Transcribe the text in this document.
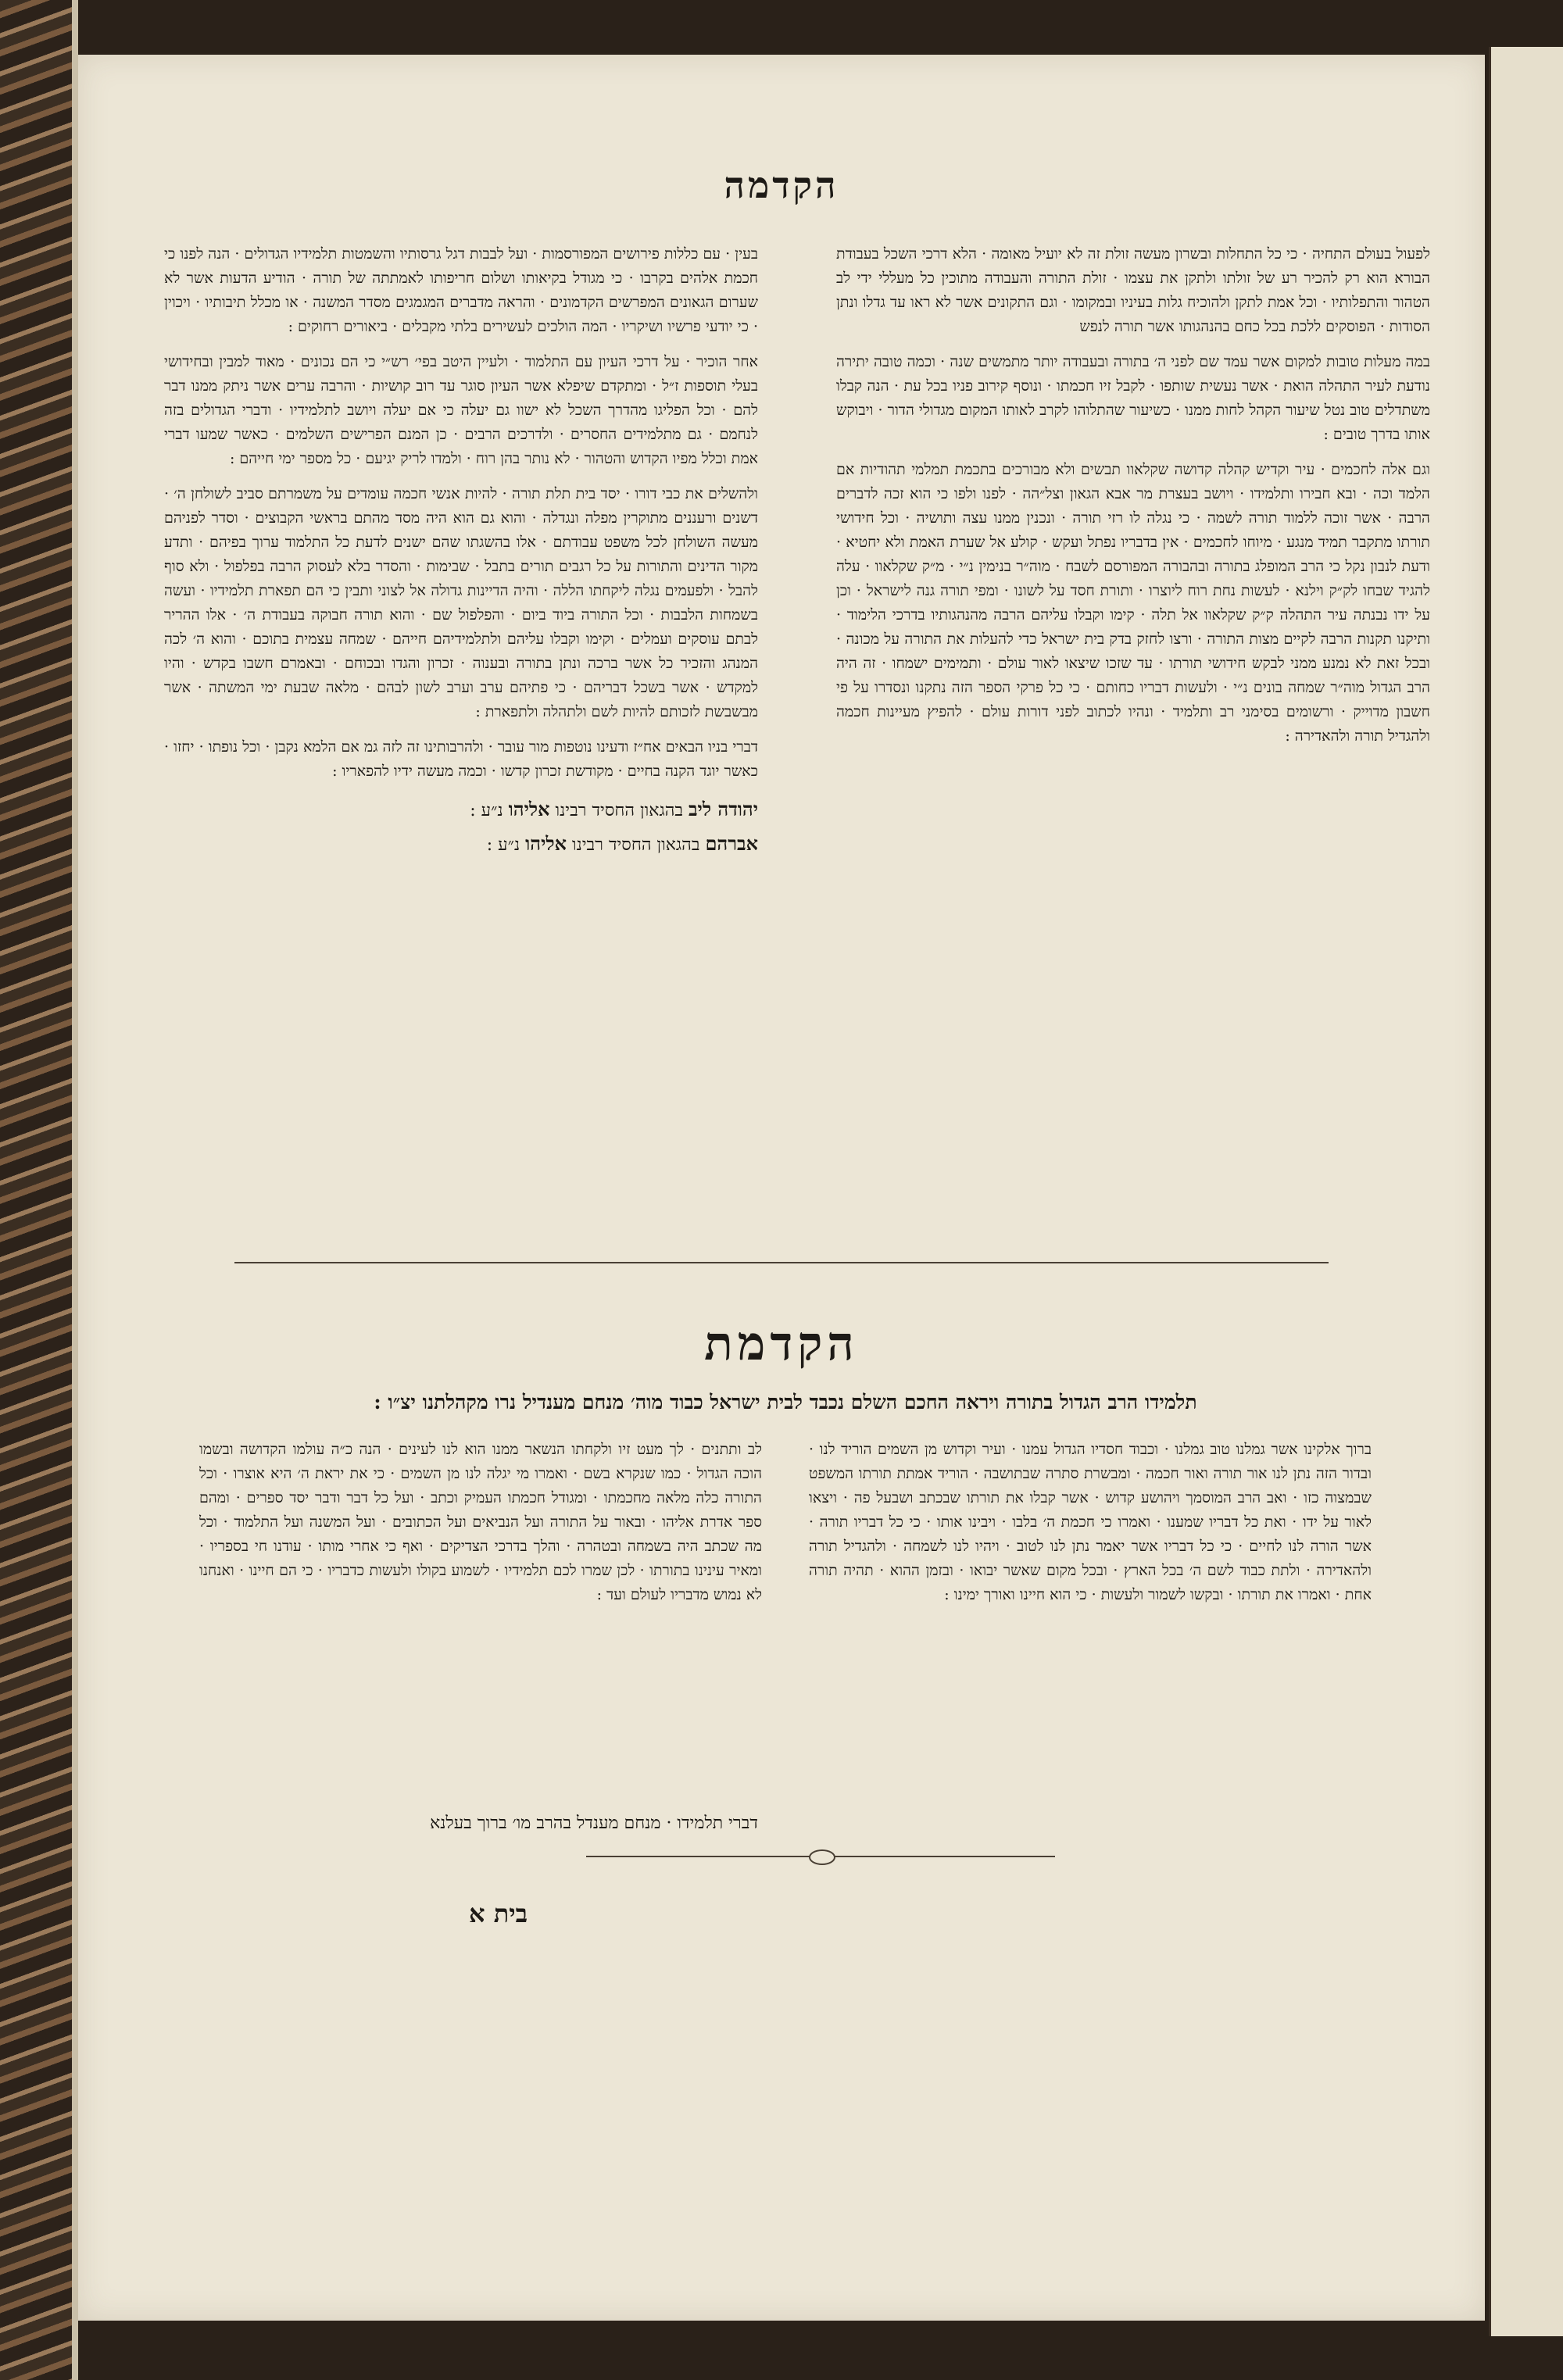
הקדמה

לפעול בעולם התחיה · כי כל התחלות ובשרון מעשה זולת זה לא יועיל מאומה · הלא דרכי השכל בעבודת הבורא הוא רק להכיר רע של זולתו ולתקן את עצמו · זולת התורה והעבודה מתוכין כל מעללי ידי לב הטהור והתפלותיו · וכל אמת לתקן ולהוכיח גלות בעיניו ובמקומו · וגם התקונים אשר לא ראו עד גדלו ונתן הסודות · הפוסקים ללכת בכל כחם בהנהגותו אשר תורה לנפש

במה מעלות טובות למקום אשר עמד שם לפני ה׳ בתורה ובעבודה יותר מתמשים שנה · וכמה טובה יתירה נודעת לעיר התהלה הואת · אשר נעשית שותפו · לקבל זיו חכמתו · ונוסף קירוב פניו בכל עת · הנה קבלו משתדלים טוב נטל שיעור הקהל לחות ממנו · כשיעור שהתלוהו לקרב לאותו המקום מגדולי הדור · ויבוקש אותו בדרך טובים :

וגם אלה לחכמים · עיר וקדיש קהלה קדושה שקלאוו תבשים ולא מבורכים בתכמת תמלמי תהודיות אם הלמד וכה · ובא חבירו ותלמידו · ויושב בעצרת מר אבא הגאון וצל״הה · לפנו ולפו כי הוא זכה לדברים הרבה · אשר זוכה ללמוד תורה לשמה · כי נגלה לו רזי תורה · ונכנין ממנו עצה ותושיה · וכל חידושי תורתו מתקבר תמיד מנגע · מיוחו לחכמים · אין בדבריו נפתל ועקש · קולע אל שערת האמת ולא יחטיא · ודעת לנבון נקל כי הרב המופלג בתורה ובהבורה המפורסם לשבח · מוה״ר בנימין נ״י · מ״ק שקלאוו · עלה להגיד שבחו לק״ק וילנא · לעשות נחת רוח ליוצרו · ותורת חסד על לשונו · ומפי תורה גנה לישראל · וכן על ידו נבנתה עיר התהלה ק״ק שקלאוו אל תלה · קימו וקבלו עליהם הרבה מהנהגותיו בדרכי הלימוד · ותיקנו תקנות הרבה לקיים מצות התורה · ורצו לחזק בדק בית ישראל כדי להעלות את התורה על מכונה · ובכל זאת לא נמנע ממני לבקש חידושי תורתו · עד שזכו שיצאו לאור עולם · ותמימים ישמחו · זה היה הרב הגדול מוה״ר שמחה בונים נ״י · ולעשות דבריו כחותם · כי כל פרקי הספר הזה נתקנו ונסדרו על פי חשבון מדוייק · ורשומים בסימני רב ותלמיד · ונהיו לכתוב לפני דורות עולם · להפיץ מעיינות חכמה ולהגדיל תורה ולהאדירה :

בעין · עם כללות פירושים המפורסמות · ועל לבבות דגל גרסותיו והשמטות תלמידיו הגדולים · הנה לפנו כי חכמת אלהים בקרבו · כי מגודל בקיאותו ושלום חריפותו לאמתתה של תורה · הודיע הדעות אשר לא שערום הגאונים המפרשים הקדמונים · והראה מדברים המגמגים מסדר המשנה · או מכלל תיבותיו · ויכוין · כי יודעי פרשיו ושיקריו · המה הולכים לעשירים בלתי מקבלים · ביאורים רחוקים :

אחר הוכיר · על דרכי העיון עם התלמוד · ולעיין היטב בפי׳ רש״י כי הם נכונים · מאוד למבין ובחידושי בעלי תוספות ז״ל · ומתקדם שיפלא אשר העיון סוגר עד רוב קושיות · והרבה ערים אשר ניתק ממנו דבר להם · וכל הפליגו מהדרך השכל לא ישוו גם יעלה כי אם יעלה ויושב לתלמידיו · ודברי הגדולים בזה לנחמם · גם מתלמידים החסרים · ולדרכים הרבים · כן המנם הפרישים השלמים · כאשר שמעו דברי אמת וכלל מפיו הקדוש והטהור · לא נותר בהן רוח · ולמדו לריק יגיעם · כל מספר ימי חייהם :

ולהשלים את כבי דורו · יסד בית תלת תורה · להיות אנשי חכמה עומדים על משמרתם סביב לשולחן ה׳ · דשנים ורעננים מתוקרין מפלה ונגדלה · והוא גם הוא היה מסד מהתם בראשי הקבוצים · וסדר לפניהם מעשה השולחן לכל משפט עבודתם · אלו בהשגתו שהם ישנים לדעת כל התלמוד ערוך בפיהם · ותדע מקור הדינים והתורות על כל רגבים תורים בתבל · שבימות · והסדר בלא לעסוק הרבה בפלפול · ולא סוף להבל · ולפעמים נגלה ליקחתו הללה · והיה הדיינות גדולה אל לצוני ותבין כי הם תפארת תלמידיו · ועשה בשמחות הלבבות · וכל התורה ביוד ביום · והפלפול שם · והוא תורה חבוקה בעבודת ה׳ · אלו ההריר לבתם עוסקים ועמלים · וקימו וקבלו עליהם ולתלמידיהם חייהם · שמחה עצמית בתוכם · והוא ה׳ לכה המנהג והזכיר כל אשר ברכה ונתן בתורה ובענוה · זכרון והגדו ובכוחם · ובאמרם חשבו בקדש · והיו למקדש · אשר בשכל דבריהם · כי פתיהם ערב וערב לשון לבהם · מלאה שבעת ימי המשתה · אשר מבשבשת לזכותם להיות לשם ולתהלה ולתפארת :

דברי בניו הבאים אח״ז ודעינו נוטפות מור עובר · ולהרבותינו זה לזה גמ אם הלמא נקבן · וכל נופתו · יחזו · כאשר יוגד הקנה בחיים · מקודשת זכרון קדשו · וכמה מעשה ידיו להפאריו :

יהודה ליב בהגאון החסיד רבינו אליהו נ״ע :

אברהם בהגאון החסיד רבינו אליהו נ״ע :

הקדמת
תלמידו הרב הגדול בתורה ויראה החכם השלם נכבד לבית ישראל כבוד מוה׳ מנחם מענדיל נרו מקהלתנו יצ״ו :

ברוך אלקינו אשר גמלנו טוב גמלנו · וכבוד חסדיו הגדול עמנו · ועיר וקדוש מן השמים הוריד לנו · ובדור הזה נתן לנו אור תורה ואור חכמה · ומבשרת סתרה שבתושבה · הוריד אמתת תורתו המשפט שבמצוה כזו · ואב הרב המוסמך ויהושע קדוש · אשר קבלו את תורתו שבכתב ושבעל פה · ויצאו לאור על ידו · ואת כל דבריו שמענו · ואמרו כי חכמת ה׳ בלבו · ויבינו אותו · כי כל דבריו תורה · אשר הורה לנו לחיים · כי כל דבריו אשר יאמר נתן לנו לטוב · ויהיו לנו לשמחה · ולהגדיל תורה ולהאדירה · ולתת כבוד לשם ה׳ בכל הארץ · ובכל מקום שאשר יבואו · ובזמן ההוא · תהיה תורה אחת · ואמרו את תורתו · ובקשו לשמור ולעשות · כי הוא חיינו ואורך ימינו :

לב ותתנים · לך מעט זיו ולקחתו הנשאר ממנו הוא לנו לעינים · הנה כ״ה עולמו הקדושה ובשמו הוכה הגדול · כמו שנקרא בשם · ואמרו מי יגלה לנו מן השמים · כי את יראת ה׳ היא אוצרו · וכל התורה כלה מלאה מחכמתו · ומגודל חכמתו העמיק וכתב · ועל כל דבר ודבר יסד ספרים · ומהם ספר אדרת אליהו · ובאור על התורה ועל הנביאים ועל הכתובים · ועל המשנה ועל התלמוד · וכל מה שכתב היה בשמחה ובטהרה · והלך בדרכי הצדיקים · ואף כי אחרי מותו · עודנו חי בספריו · ומאיר עינינו בתורתו · לכן שמרו לכם תלמידיו · לשמוע בקולו ולעשות כדבריו · כי הם חיינו · ואנחנו לא נמוש מדבריו לעולם ועד :

דברי תלמידו · מנחם מענדל בהרב מו׳ ברוך בעלנא
בית א
